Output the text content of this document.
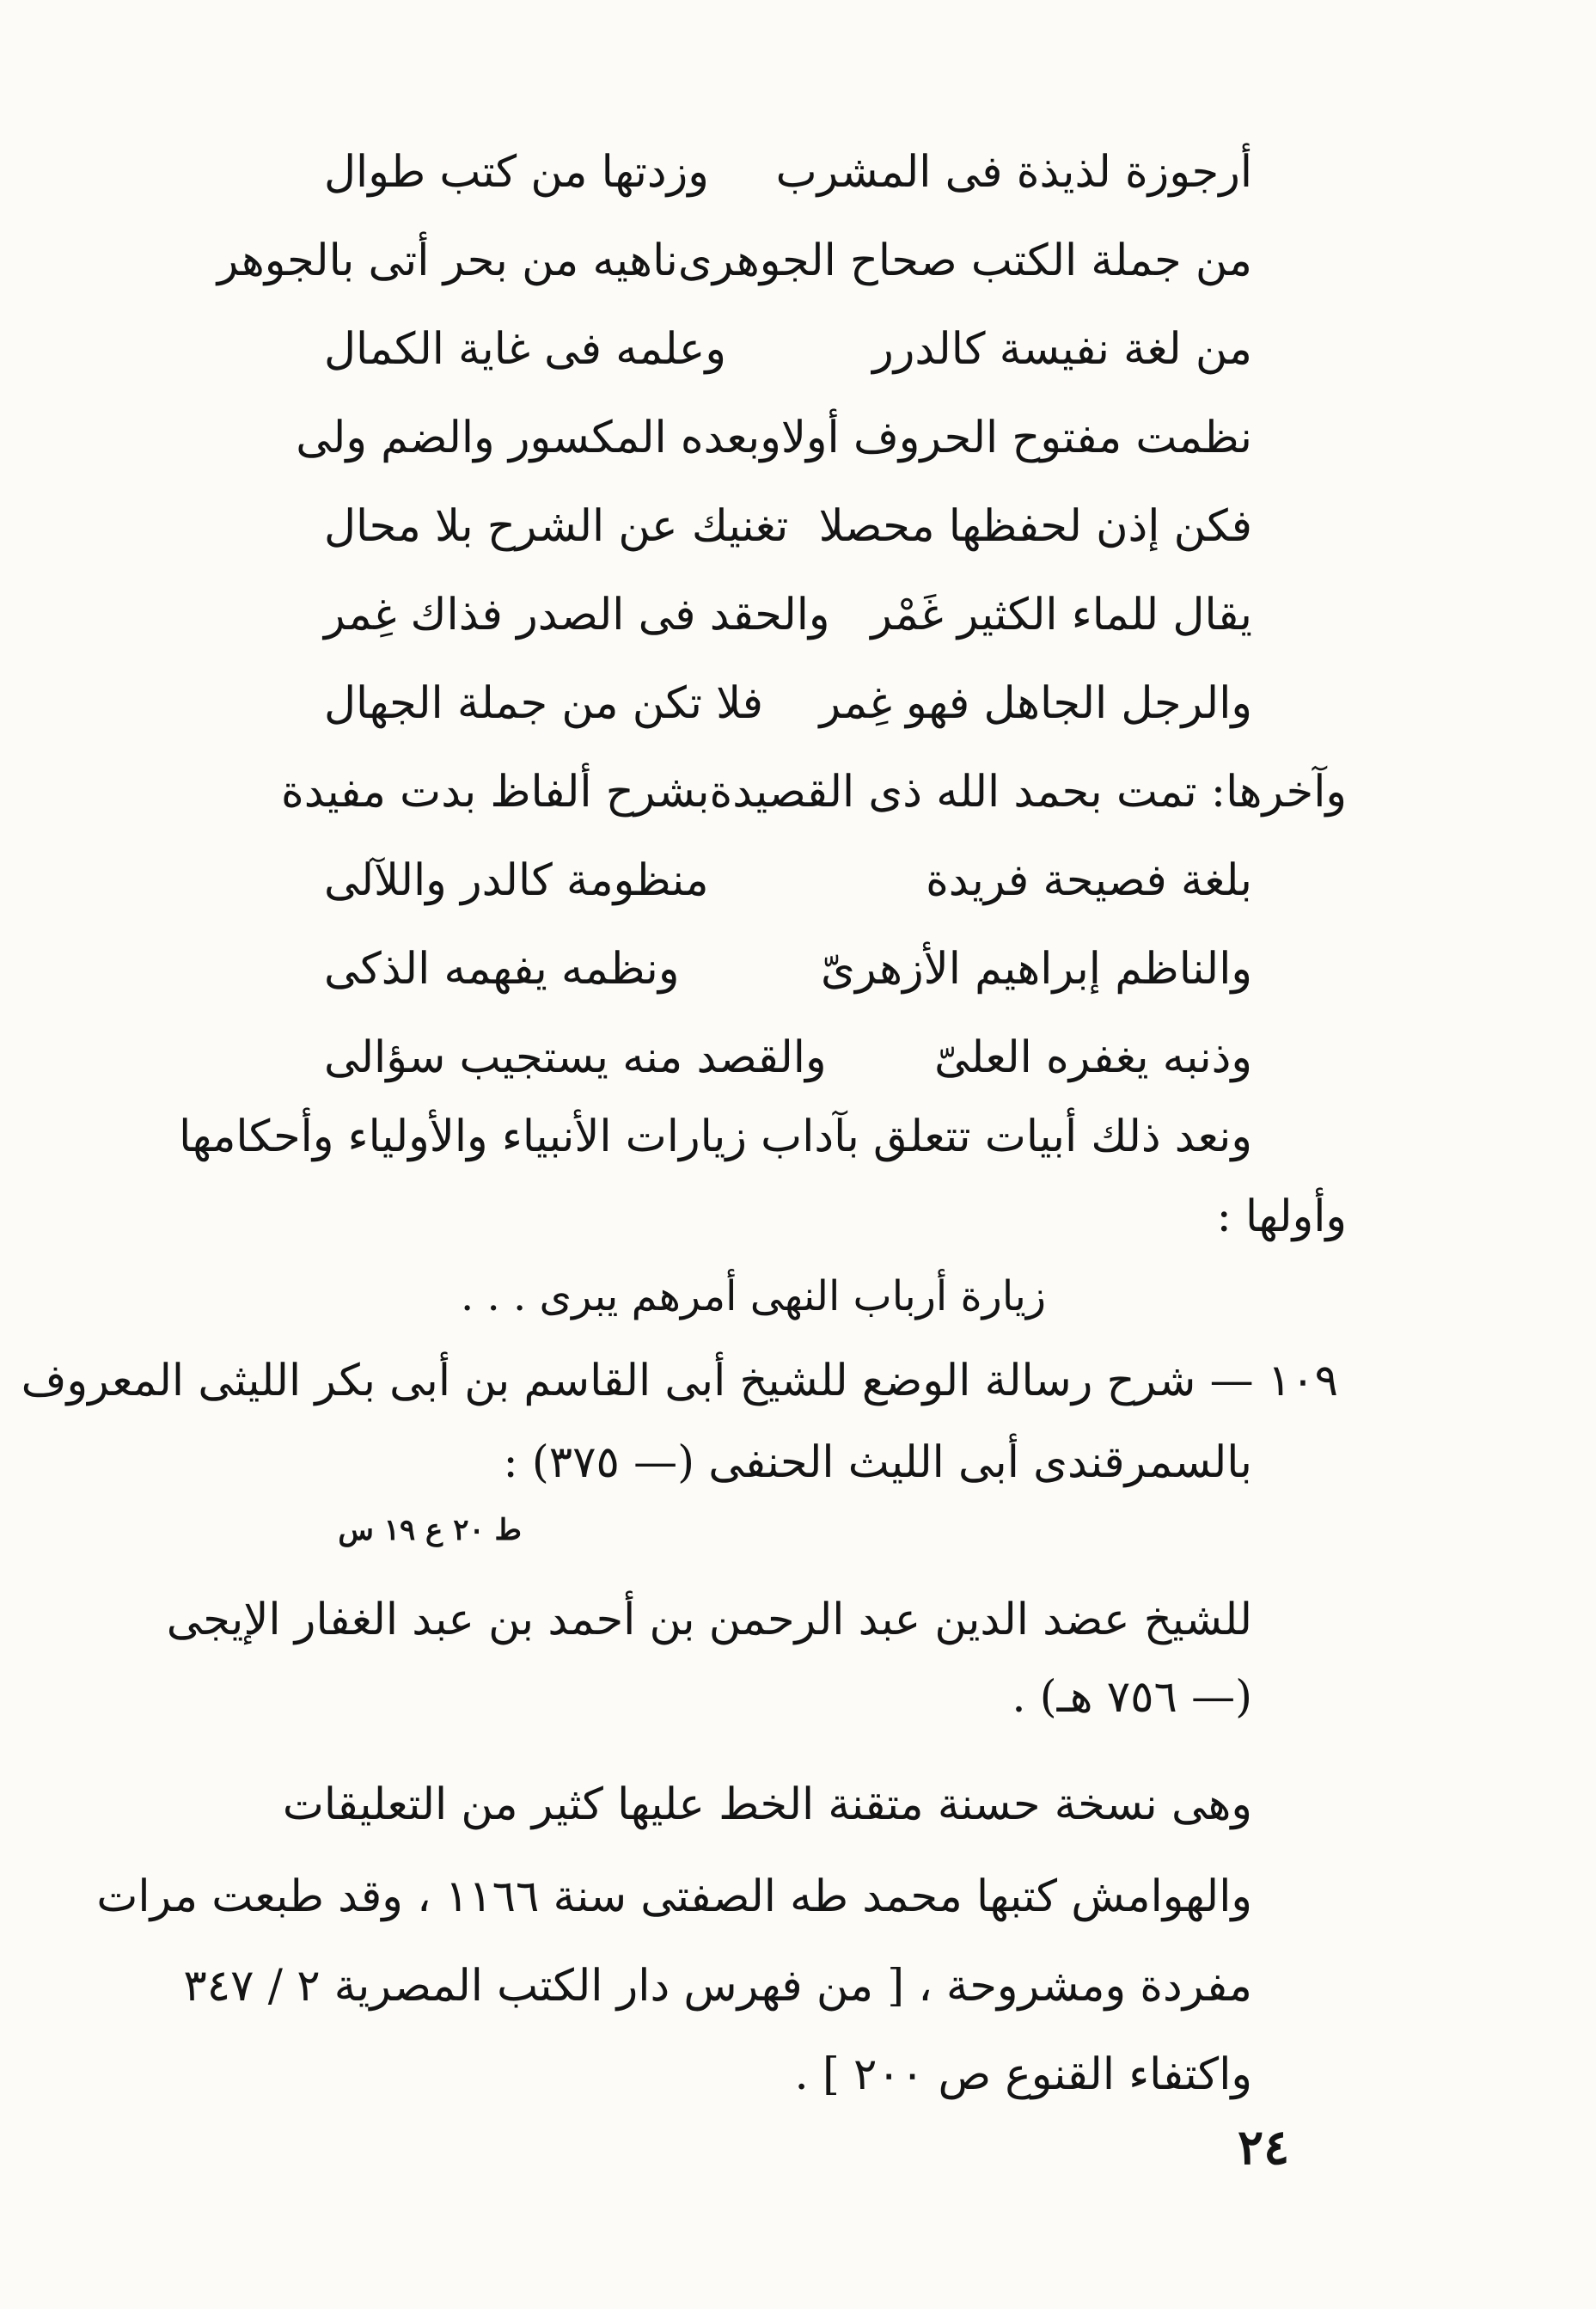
أرجوزة لذيذة فى المشرب
وزدتها من كتب طوال
من جملة الكتب صحاح الجوهرى
ناهيه من بحر أتى بالجوهر
من لغة نفيسة كالدرر
وعلمه فى غاية الكمال
نظمت مفتوح الحروف أولا
وبعده المكسور والضم ولى
فكن إذن لحفظها محصلا
تغنيك عن الشرح بلا محال
يقال للماء الكثير غَمْر
والحقد فى الصدر فذاك غِمر
والرجل الجاهل فهو غِمر
فلا تكن من جملة الجهال
وآخرها: تمت بحمد الله ذى القصيدة
بشرح ألفاظ بدت مفيدة
بلغة فصيحة فريدة
منظومة كالدر واللآلى
والناظم إبراهيم الأزهرىّ
ونظمه يفهمه الذكى
وذنبه يغفره العلىّ
والقصد منه يستجيب سؤالى
ونعد ذلك أبيات تتعلق بآداب زيارات الأنبياء والأولياء وأحكامها
وأولها :
زيارة أرباب النهى أمرهم يبرى . . .
١٠٩ — شرح رسالة الوضع للشيخ أبى القاسم بن أبى بكر الليثى المعروف
بالسمرقندى أبى الليث الحنفى (— ٣٧٥) :
ط ٢٠ ع ١٩ س
للشيخ عضد الدين عبد الرحمن بن أحمد بن عبد الغفار الإيجى
(— ٧٥٦ هـ) .
وهى نسخة حسنة متقنة الخط عليها كثير من التعليقات
والهوامش كتبها محمد طه الصفتى سنة ١١٦٦ ، وقد طبعت مرات
مفردة ومشروحة ، [ من فهرس دار الكتب المصرية ٢ / ٣٤٧
واكتفاء القنوع ص ٢٠٠ ] .
٢٤
